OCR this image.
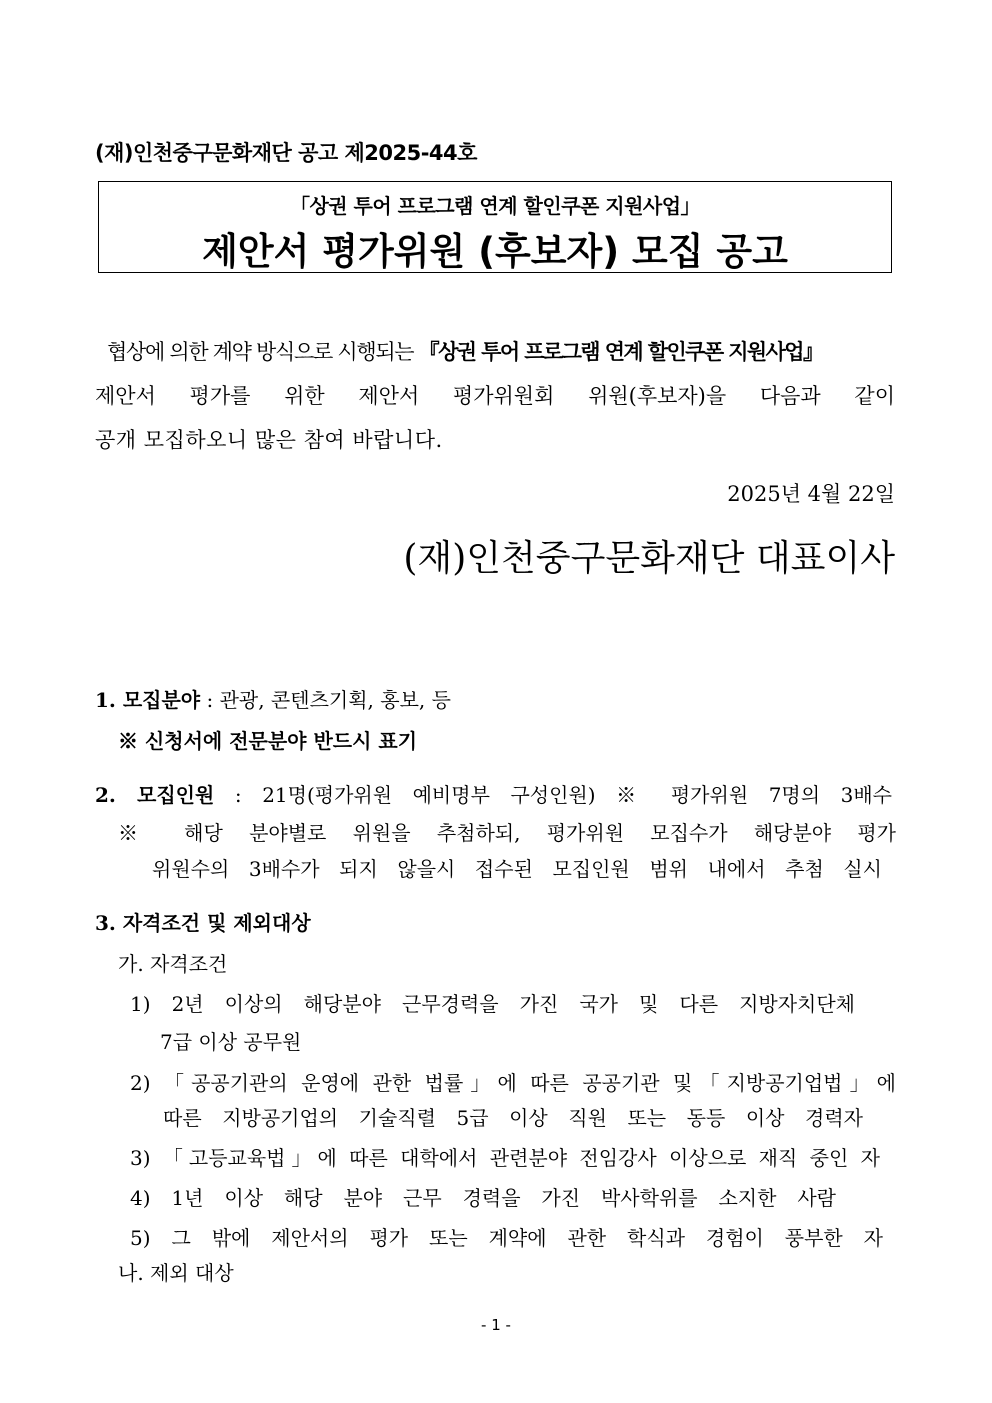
(재)인천중구문화재단 공고 제2025-44호
「상권 투어 프로그램 연계 할인쿠폰 지원사업」
제안서 평가위원 (후보자) 모집 공고
협상에 의한 계약 방식으로 시행되는 『상권 투어 프로그램 연계 할인쿠폰 지원사업』
제안서 평가를 위한 제안서 평가위원회 위원(후보자)을 다음과 같이
공개 모집하오니 많은 참여 바랍니다.
2025년 4월 22일
(재)인천중구문화재단 대표이사
1. 모집분야 : 관광, 콘텐츠기획, 홍보, 등
※ 신청서에 전문분야 반드시 표기
2. 모집인원 : 21명(평가위원 예비명부 구성인원) ※ 평가위원 7명의 3배수
※ 해당 분야별로 위원을 추첨하되, 평가위원 모집수가 해당분야 평가
위원수의 3배수가 되지 않을시 접수된 모집인원 범위 내에서 추첨 실시
3. 자격조건 및 제외대상
가. 자격조건
1) 2년 이상의 해당분야 근무경력을 가진 국가 및 다른 지방자치단체
7급 이상 공무원
2) 「공공기관의 운영에 관한 법률」에 따른 공공기관 및「지방공기업법」에
따른 지방공기업의 기술직렬 5급 이상 직원 또는 동등 이상 경력자
3) 「고등교육법」에 따른 대학에서 관련분야 전임강사 이상으로 재직 중인 자
4) 1년 이상 해당 분야 근무 경력을 가진 박사학위를 소지한 사람
5) 그 밖에 제안서의 평가 또는 계약에 관한 학식과 경험이 풍부한 자
나. 제외 대상
- 1 -
